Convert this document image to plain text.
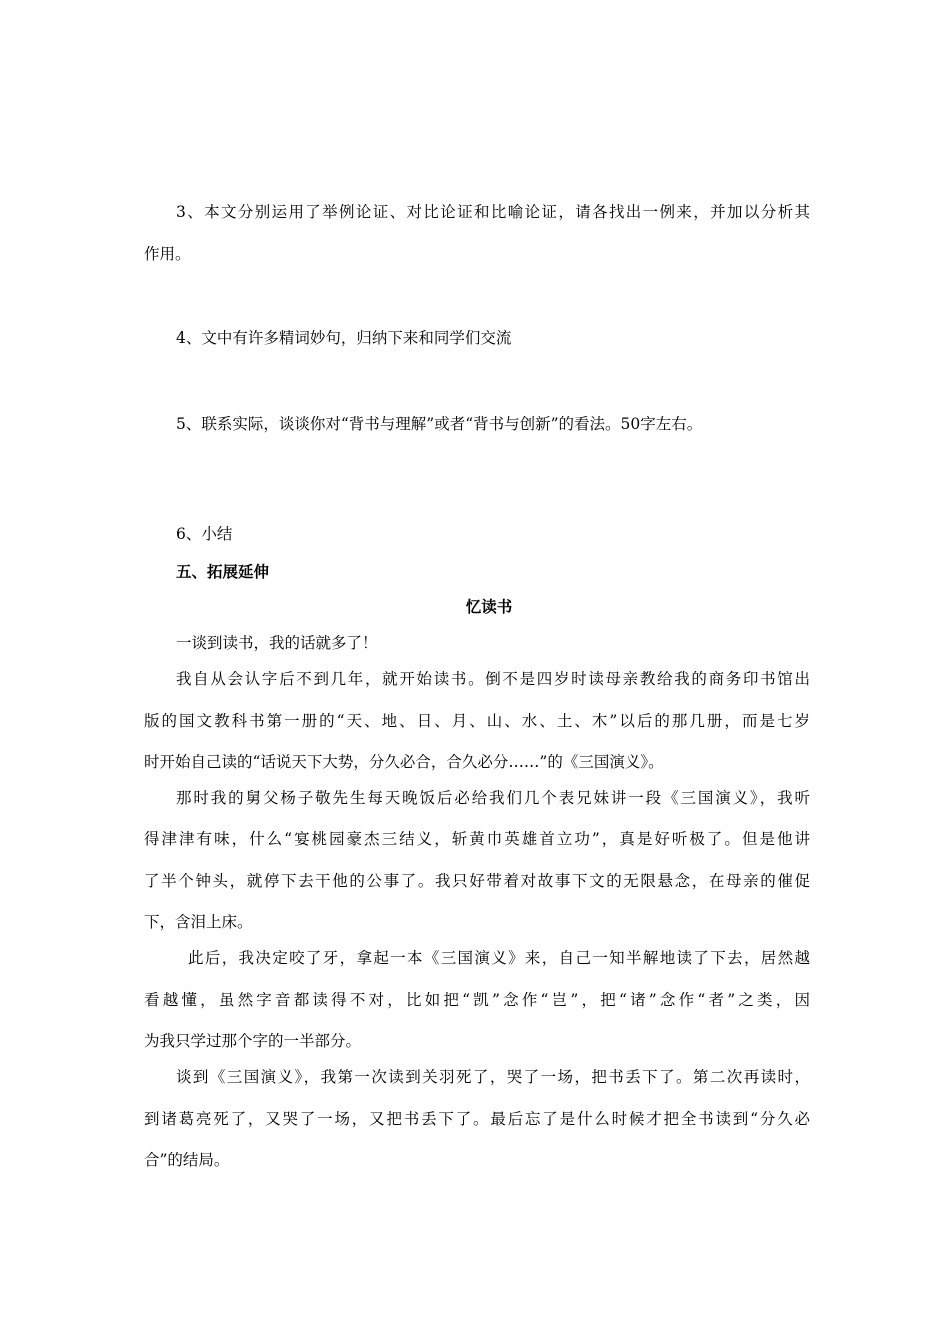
3、本文分别运用了举例论证、对比论证和比喻论证，请各找出一例来，并加以分析其
作用。
4、文中有许多精词妙句，归纳下来和同学们交流
5、联系实际，谈谈你对“背书与理解”或者“背书与创新”的看法。50字左右。
6、小结
五、拓展延伸
忆读书
一谈到读书，我的话就多了！
我自从会认字后不到几年，就开始读书。倒不是四岁时读母亲教给我的商务印书馆出
版的国文教科书第一册的“天、地、日、月、山、水、土、木”以后的那几册，而是七岁
时开始自己读的“话说天下大势，分久必合，合久必分……”的《三国演义》。
那时我的舅父杨子敬先生每天晚饭后必给我们几个表兄妹讲一段《三国演义》，我听
得津津有味，什么“宴桃园豪杰三结义，斩黄巾英雄首立功”，真是好听极了。但是他讲
了半个钟头，就停下去干他的公事了。我只好带着对故事下文的无限悬念，在母亲的催促
下，含泪上床。
此后，我决定咬了牙，拿起一本《三国演义》来，自己一知半解地读了下去，居然越
看越懂，虽然字音都读得不对，比如把“凯”念作“岂”，把“诸”念作“者”之类，因
为我只学过那个字的一半部分。
谈到《三国演义》，我第一次读到关羽死了，哭了一场，把书丢下了。第二次再读时，
到诸葛亮死了，又哭了一场，又把书丢下了。最后忘了是什么时候才把全书读到“分久必
合”的结局。
